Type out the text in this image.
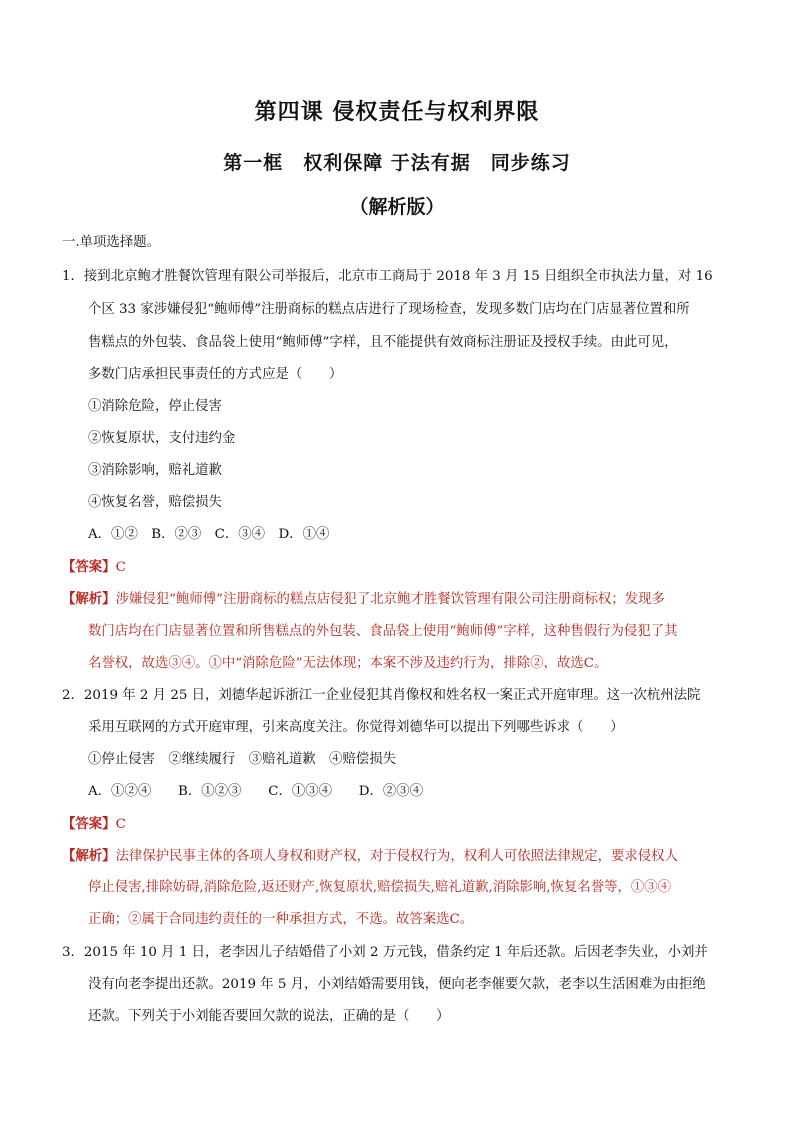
第四课 侵权责任与权利界限
第一框　权利保障 于法有据　同步练习
（解析版）
一.单项选择题。
1．接到北京鲍才胜餐饮管理有限公司举报后，北京市工商局于 2018 年 3 月 15 日组织全市执法力量，对 16
个区 33 家涉嫌侵犯“鲍师傅”注册商标的糕点店进行了现场检查，发现多数门店均在门店显著位置和所
售糕点的外包装、食品袋上使用“鲍师傅”字样，且不能提供有效商标注册证及授权手续。由此可见，
多数门店承担民事责任的方式应是（　　）
①消除危险，停止侵害
②恢复原状，支付违约金
③消除影响，赔礼道歉
④恢复名誉，赔偿损失
A．①②　B．②③　C．③④　D．①④
【答案】C
【解析】涉嫌侵犯“鲍师傅”注册商标的糕点店侵犯了北京鲍才胜餐饮管理有限公司注册商标权；发现多
数门店均在门店显著位置和所售糕点的外包装、食品袋上使用“鲍师傅”字样，这种售假行为侵犯了其
名誉权，故选③④。①中“消除危险”无法体现；本案不涉及违约行为，排除②，故选C。
2．2019 年 2 月 25 日，刘德华起诉浙江一企业侵犯其肖像权和姓名权一案正式开庭审理。这一次杭州法院
采用互联网的方式开庭审理，引来高度关注。你觉得刘德华可以提出下列哪些诉求（　　）
①停止侵害　②继续履行　③赔礼道歉　④赔偿损失
A．①②④　　B．①②③　　C．①③④　　D．②③④
【答案】C
【解析】法律保护民事主体的各项人身权和财产权，对于侵权行为，权利人可依照法律规定，要求侵权人
停止侵害,排除妨碍,消除危险,返还财产,恢复原状,赔偿损失,赔礼道歉,消除影响,恢复名誉等，①③④
正确；②属于合同违约责任的一种承担方式，不选。故答案选C。
3．2015 年 10 月 1 日，老李因儿子结婚借了小刘 2 万元钱，借条约定 1 年后还款。后因老李失业，小刘并
没有向老李提出还款。2019 年 5 月，小刘结婚需要用钱，便向老李催要欠款，老李以生活困难为由拒绝
还款。下列关于小刘能否要回欠款的说法，正确的是（　　）
